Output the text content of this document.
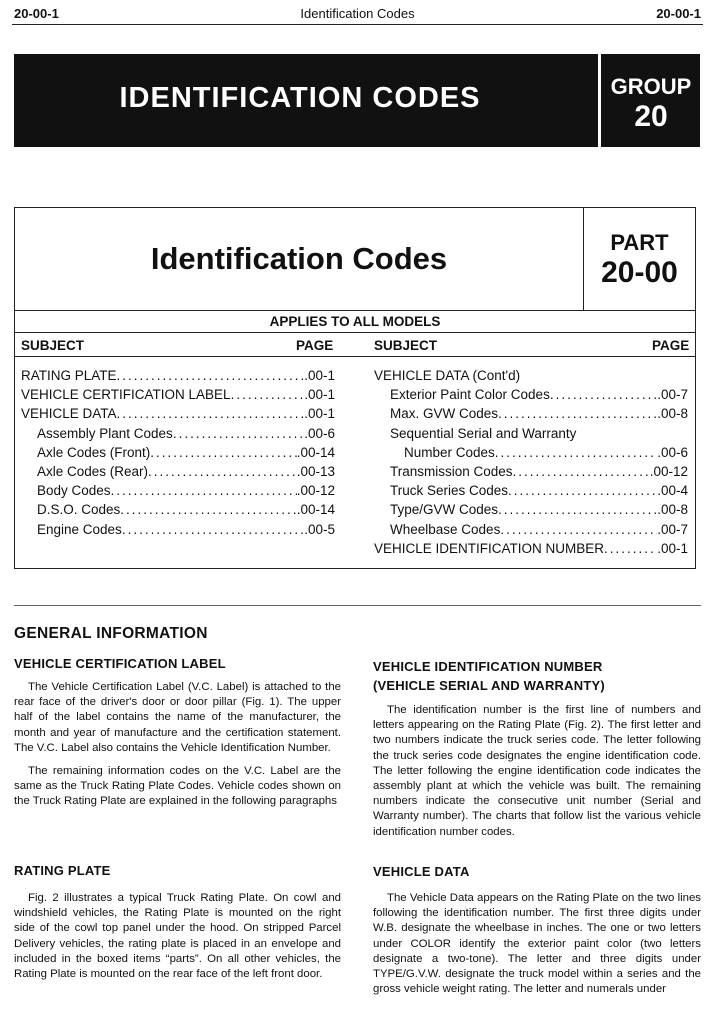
20-00-1	Identification Codes	20-00-1
IDENTIFICATION CODES	GROUP
20
Identification Codes	PART
20-00
APPLIES TO ALL MODELS
SUBJECT	PAGE	SUBJECT	PAGE
RATING PLATE .....	.00-1
VEHICLE CERTIFICATION LABEL .....	.00-1
VEHICLE DATA .....	.00-1
Assembly Plant Codes .....	.00-6
Axle Codes (Front) .....	.00-14
Axle Codes (Rear) .....	.00-13
Body Codes .....	.00-12
D.S.O. Codes .....	.00-14
Engine Codes .....	.00-5
VEHICLE DATA (Cont'd)
Exterior Paint Color Codes .....	.00-7
Max. GVW Codes .....	.00-8
Sequential Serial and Warranty
Number Codes .....	.00-6
Transmission Codes .....	.00-12
Truck Series Codes .....	.00-4
Type/GVW Codes .....	.00-8
Wheelbase Codes .....	.00-7
VEHICLE IDENTIFICATION NUMBER .....	.00-1
GENERAL INFORMATION
VEHICLE CERTIFICATION LABEL

The Vehicle Certification Label (V.C. Label) is attached to the rear face of the driver's door or door pillar (Fig. 1). The upper half of the label contains the name of the manufacturer, the month and year of manufacture and the certification statement. The V.C. Label also contains the Vehicle Identification Number.

The remaining information codes on the V.C. Label are the same as the Truck Rating Plate Codes. Vehicle codes shown on the Truck Rating Plate are explained in the following paragraphs

RATING PLATE

Fig. 2 illustrates a typical Truck Rating Plate. On cowl and windshield vehicles, the Rating Plate is mounted on the right side of the cowl top panel under the hood. On stripped Parcel Delivery vehicles, the rating plate is placed in an envelope and included in the boxed items “parts”. On all other vehicles, the Rating Plate is mounted on the rear face of the left front door.

VEHICLE IDENTIFICATION NUMBER
(VEHICLE SERIAL AND WARRANTY)

The identification number is the first line of numbers and letters appearing on the Rating Plate (Fig. 2). The first letter and two numbers indicate the truck series code. The letter following the truck series code designates the engine identification code. The letter following the engine identification code indicates the assembly plant at which the vehicle was built. The remaining numbers indicate the consecutive unit number (Serial and Warranty number). The charts that follow list the various vehicle identification number codes.

VEHICLE DATA

The Vehicle Data appears on the Rating Plate on the two lines following the identification number. The first three digits under W.B. designate the wheelbase in inches. The one or two letters under COLOR identify the exterior paint color (two letters designate a two-tone). The letter and three digits under TYPE/G.V.W. designate the truck model within a series and the gross vehicle weight rating. The letter and numerals under
